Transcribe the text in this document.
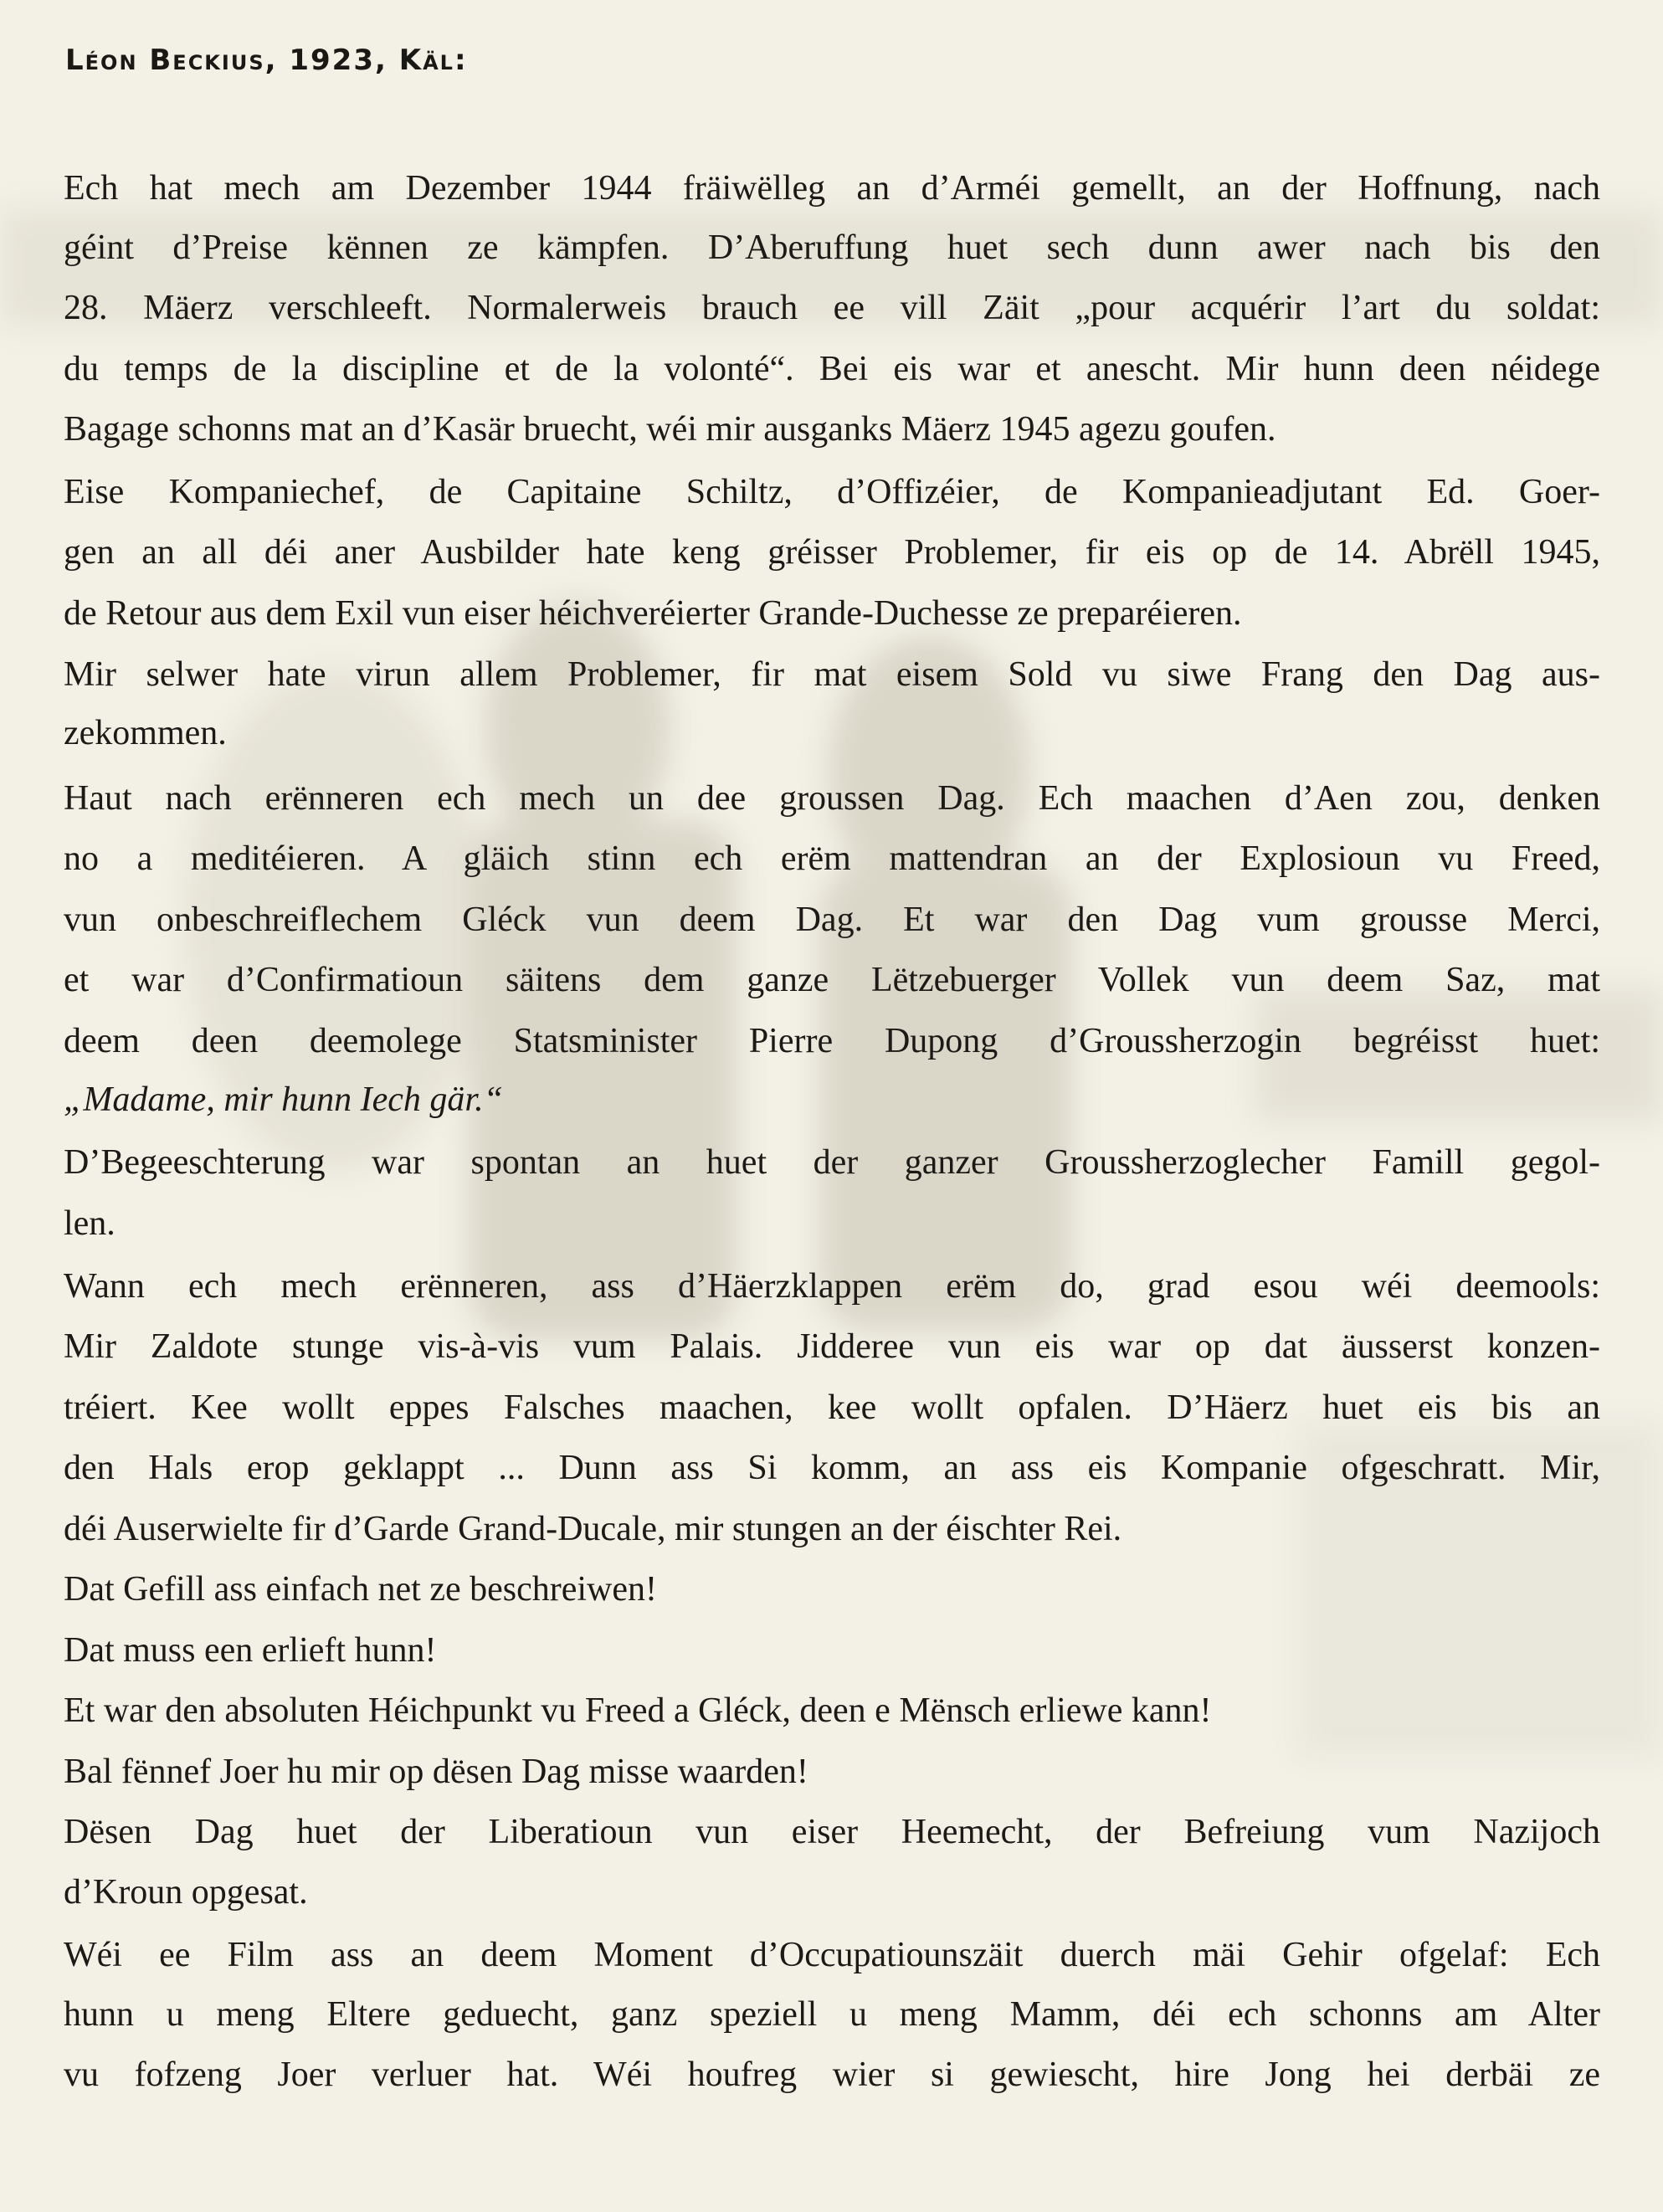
Léon Beckius, 1923, Käl:
Ech hat mech am Dezember 1944 fräiwëlleg an d’Arméi gemellt, an der Hoffnung, nach
géint d’Preise kënnen ze kämpfen. D’Aberuffung huet sech dunn awer nach bis den
28. Mäerz verschleeft. Normalerweis brauch ee vill Zäit „pour acquérir l’art du soldat:
du temps de la discipline et de la volonté“. Bei eis war et anescht. Mir hunn deen néidege
Bagage schonns mat an d’Kasär bruecht, wéi mir ausganks Mäerz 1945 agezu goufen.
Eise Kompaniechef, de Capitaine Schiltz, d’Offizéier, de Kompanieadjutant Ed. Goer-
gen an all déi aner Ausbilder hate keng gréisser Problemer, fir eis op de 14. Abrëll 1945,
de Retour aus dem Exil vun eiser héichveréierter Grande-Duchesse ze preparéieren.
Mir selwer hate virun allem Problemer, fir mat eisem Sold vu siwe Frang den Dag aus-
zekommen.
Haut nach erënneren ech mech un dee groussen Dag. Ech maachen d’Aen zou, denken
no a meditéieren. A gläich stinn ech erëm mattendran an der Explosioun vu Freed,
vun onbeschreiflechem Gléck vun deem Dag. Et war den Dag vum grousse Merci,
et war d’Confirmatioun säitens dem ganze Lëtzebuerger Vollek vun deem Saz, mat
deem deen deemolege Statsminister Pierre Dupong d’Groussherzogin begréisst huet:
„Madame, mir hunn Iech gär.“
D’Begeeschterung war spontan an huet der ganzer Groussherzoglecher Famill gegol-
len.
Wann ech mech erënneren, ass d’Häerzklappen erëm do, grad esou wéi deemools:
Mir Zaldote stunge vis-à-vis vum Palais. Jidderee vun eis war op dat äusserst konzen-
tréiert. Kee wollt eppes Falsches maachen, kee wollt opfalen. D’Häerz huet eis bis an
den Hals erop geklappt ... Dunn ass Si komm, an ass eis Kompanie ofgeschratt. Mir,
déi Auserwielte fir d’Garde Grand-Ducale, mir stungen an der éischter Rei.
Dat Gefill ass einfach net ze beschreiwen!
Dat muss een erlieft hunn!
Et war den absoluten Héichpunkt vu Freed a Gléck, deen e Mënsch erliewe kann!
Bal fënnef Joer hu mir op dësen Dag misse waarden!
Dësen Dag huet der Liberatioun vun eiser Heemecht, der Befreiung vum Nazijoch
d’Kroun opgesat.
Wéi ee Film ass an deem Moment d’Occupatiounszäit duerch mäi Gehir ofgelaf: Ech
hunn u meng Eltere geduecht, ganz speziell u meng Mamm, déi ech schonns am Alter
vu fofzeng Joer verluer hat. Wéi houfreg wier si gewiescht, hire Jong hei derbäi ze
